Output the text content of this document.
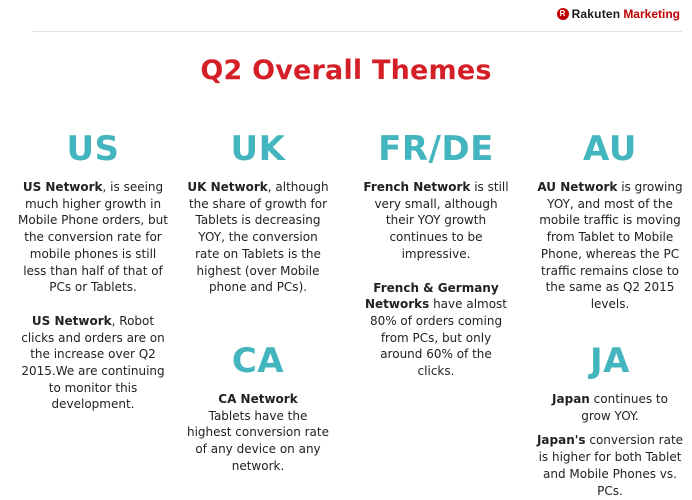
R Rakuten Marketing
Q2 Overall Themes
US

US Network, is seeing much higher growth in Mobile Phone orders, but the conversion rate for mobile phones is still less than half of that of PCs or Tablets.

US Network, Robot clicks and orders are on the increase over Q2 2015.We are continuing to monitor this development.

UK

UK Network, although the share of growth for Tablets is decreasing YOY, the conversion rate on Tablets is the highest (over Mobile phone and PCs).

CA

CA Network
Tablets have the highest conversion rate of any device on any network.

FR/DE

French Network is still very small, although their YOY growth continues to be impressive.

French & Germany Networks have almost 80% of orders coming from PCs, but only around 60% of the clicks.

AU

AU Network is growing YOY, and most of the mobile traffic is moving from Tablet to Mobile Phone, whereas the PC traffic remains close to the same as Q2 2015 levels.

JA

Japan continues to grow YOY.

Japan's conversion rate is higher for both Tablet and Mobile Phones vs. PCs.
